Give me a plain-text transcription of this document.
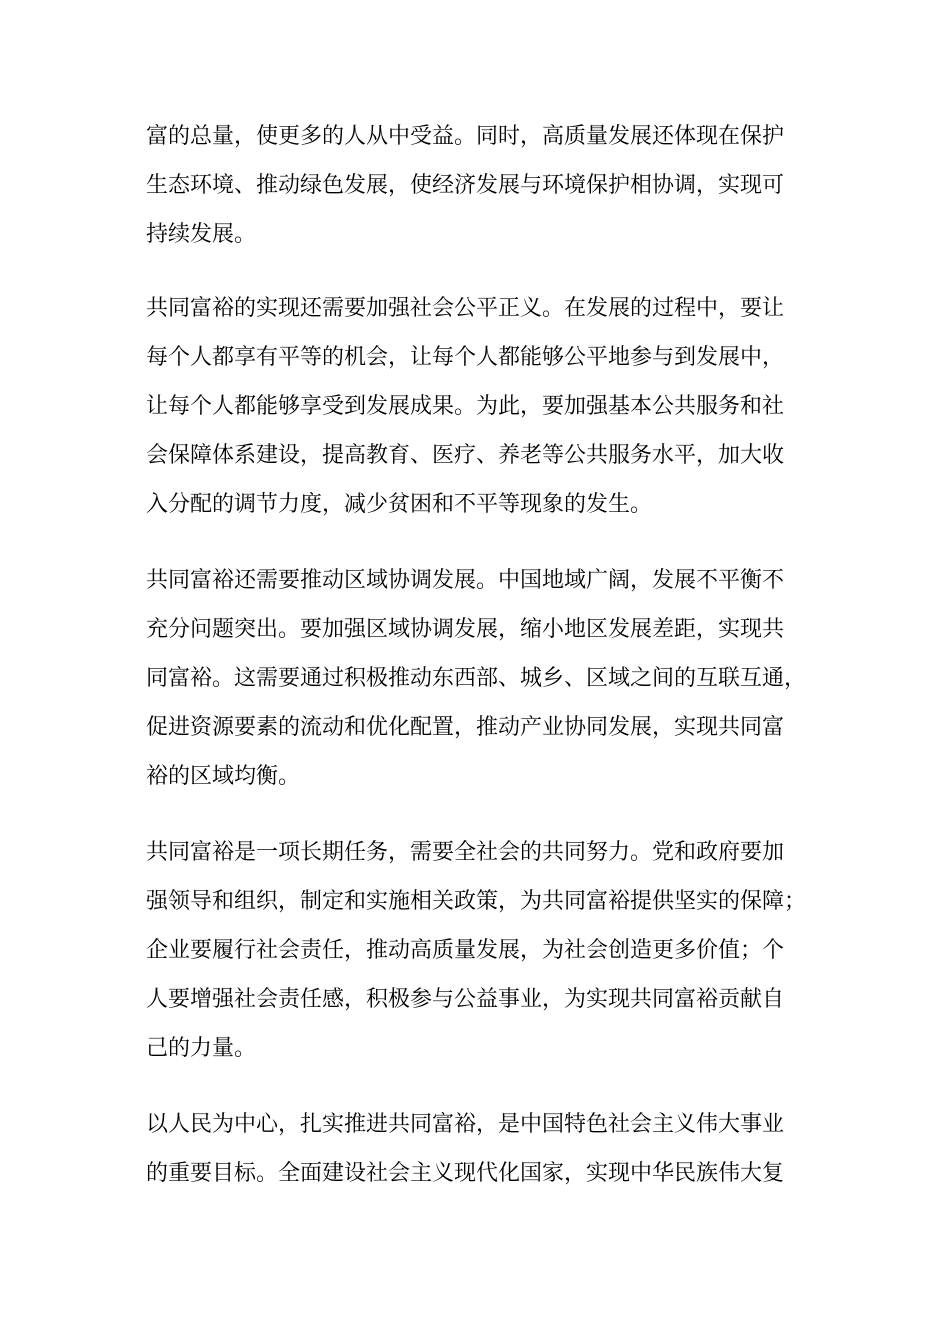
富的总量，使更多的人从中受益。同时，高质量发展还体现在保护
生态环境、推动绿色发展，使经济发展与环境保护相协调，实现可
持续发展。

共同富裕的实现还需要加强社会公平正义。在发展的过程中，要让
每个人都享有平等的机会，让每个人都能够公平地参与到发展中，
让每个人都能够享受到发展成果。为此，要加强基本公共服务和社
会保障体系建设，提高教育、医疗、养老等公共服务水平，加大收
入分配的调节力度，减少贫困和不平等现象的发生。

共同富裕还需要推动区域协调发展。中国地域广阔，发展不平衡不
充分问题突出。要加强区域协调发展，缩小地区发展差距，实现共
同富裕。这需要通过积极推动东西部、城乡、区域之间的互联互通，
促进资源要素的流动和优化配置，推动产业协同发展，实现共同富
裕的区域均衡。

共同富裕是一项长期任务，需要全社会的共同努力。党和政府要加
强领导和组织，制定和实施相关政策，为共同富裕提供坚实的保障；
企业要履行社会责任，推动高质量发展，为社会创造更多价值；个
人要增强社会责任感，积极参与公益事业，为实现共同富裕贡献自
己的力量。

以人民为中心，扎实推进共同富裕，是中国特色社会主义伟大事业
的重要目标。全面建设社会主义现代化国家，实现中华民族伟大复
